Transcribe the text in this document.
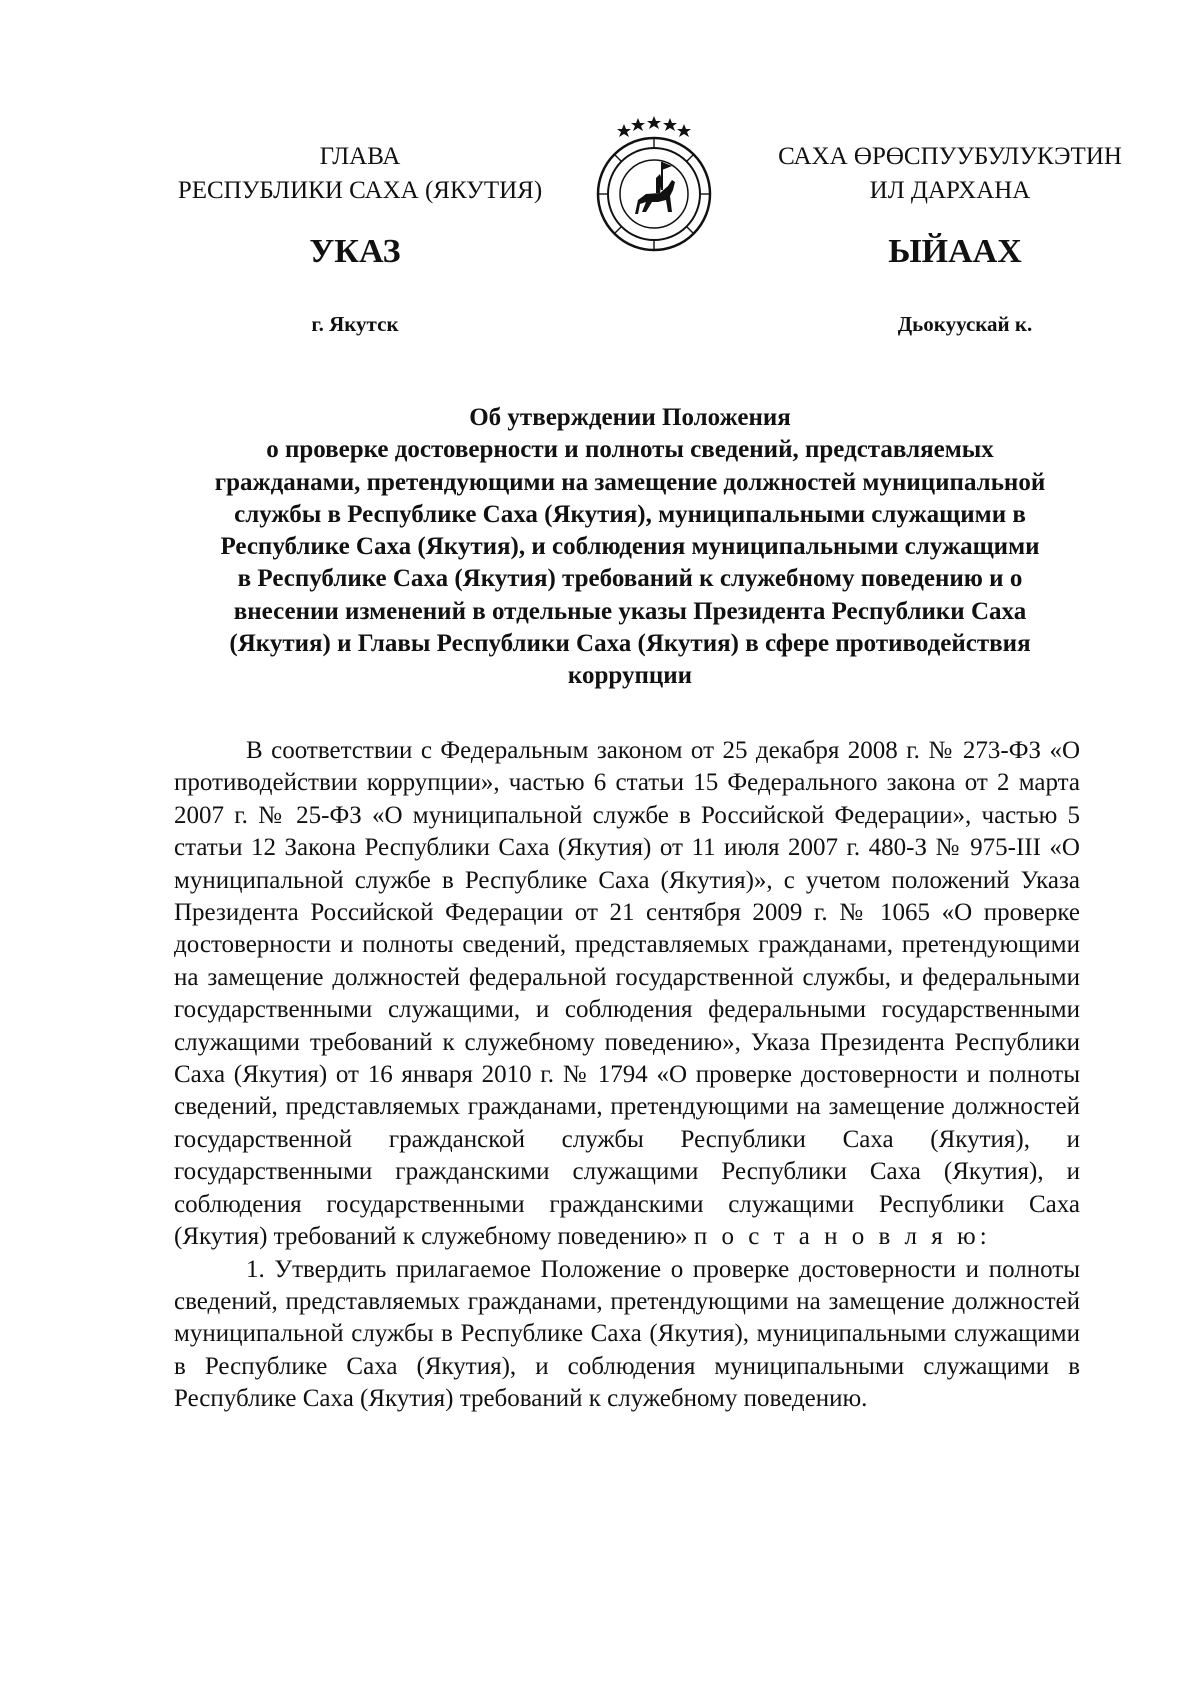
ГЛАВА
РЕСПУБЛИКИ САХА (ЯКУТИЯ)
САХА ӨРӨСПУУБУЛУКЭТИН
ИЛ ДАРХАНА
УКАЗ	ЫЙААХ
г. Якутск	Дьокуускай к.
Об утверждении Положения
о проверке достоверности и полноты сведений, представляемых
гражданами, претендующими на замещение должностей муниципальной
службы в Республике Саха (Якутия), муниципальными служащими в
Республике Саха (Якутия), и соблюдения муниципальными служащими
в Республике Саха (Якутия) требований к служебному поведению и о
внесении изменений в отдельные указы Президента Республики Саха
(Якутия) и Главы Республики Саха (Якутия) в сфере противодействия
коррупции

В соответствии с Федеральным законом от 25 декабря 2008 г. № 273-ФЗ «О противодействии коррупции», частью 6 статьи 15 Федерального закона от 2 марта 2007 г. № 25-ФЗ «О муниципальной службе в Российской Федерации», частью 5 статьи 12 Закона Республики Саха (Якутия) от 11 июля 2007 г. 480-З № 975-III «О муниципальной службе в Республике Саха (Якутия)», с учетом положений Указа Президента Российской Федерации от 21 сентября 2009 г. № 1065 «О проверке достоверности и полноты сведений, представляемых гражданами, претендующими на замещение должностей федеральной государственной службы, и федеральными государственными служащими, и соблюдения федеральными государственными служащими требований к служебному поведению», Указа Президента Республики Саха (Якутия) от 16 января 2010 г. № 1794 «О проверке достоверности и полноты сведений, представляемых гражданами, претендующими на замещение должностей государственной гражданской службы Республики Саха (Якутия), и государственными гражданскими служащими Республики Саха (Якутия), и соблюдения государственными гражданскими служащими Республики Саха (Якутия) требований к служебному поведению» п о с т а н о в л я ю:

1. Утвердить прилагаемое Положение о проверке достоверности и полноты сведений, представляемых гражданами, претендующими на замещение должностей муниципальной службы в Республике Саха (Якутия), муниципальными служащими в Республике Саха (Якутия), и соблюдения муниципальными служащими в Республике Саха (Якутия) требований к служебному поведению.
